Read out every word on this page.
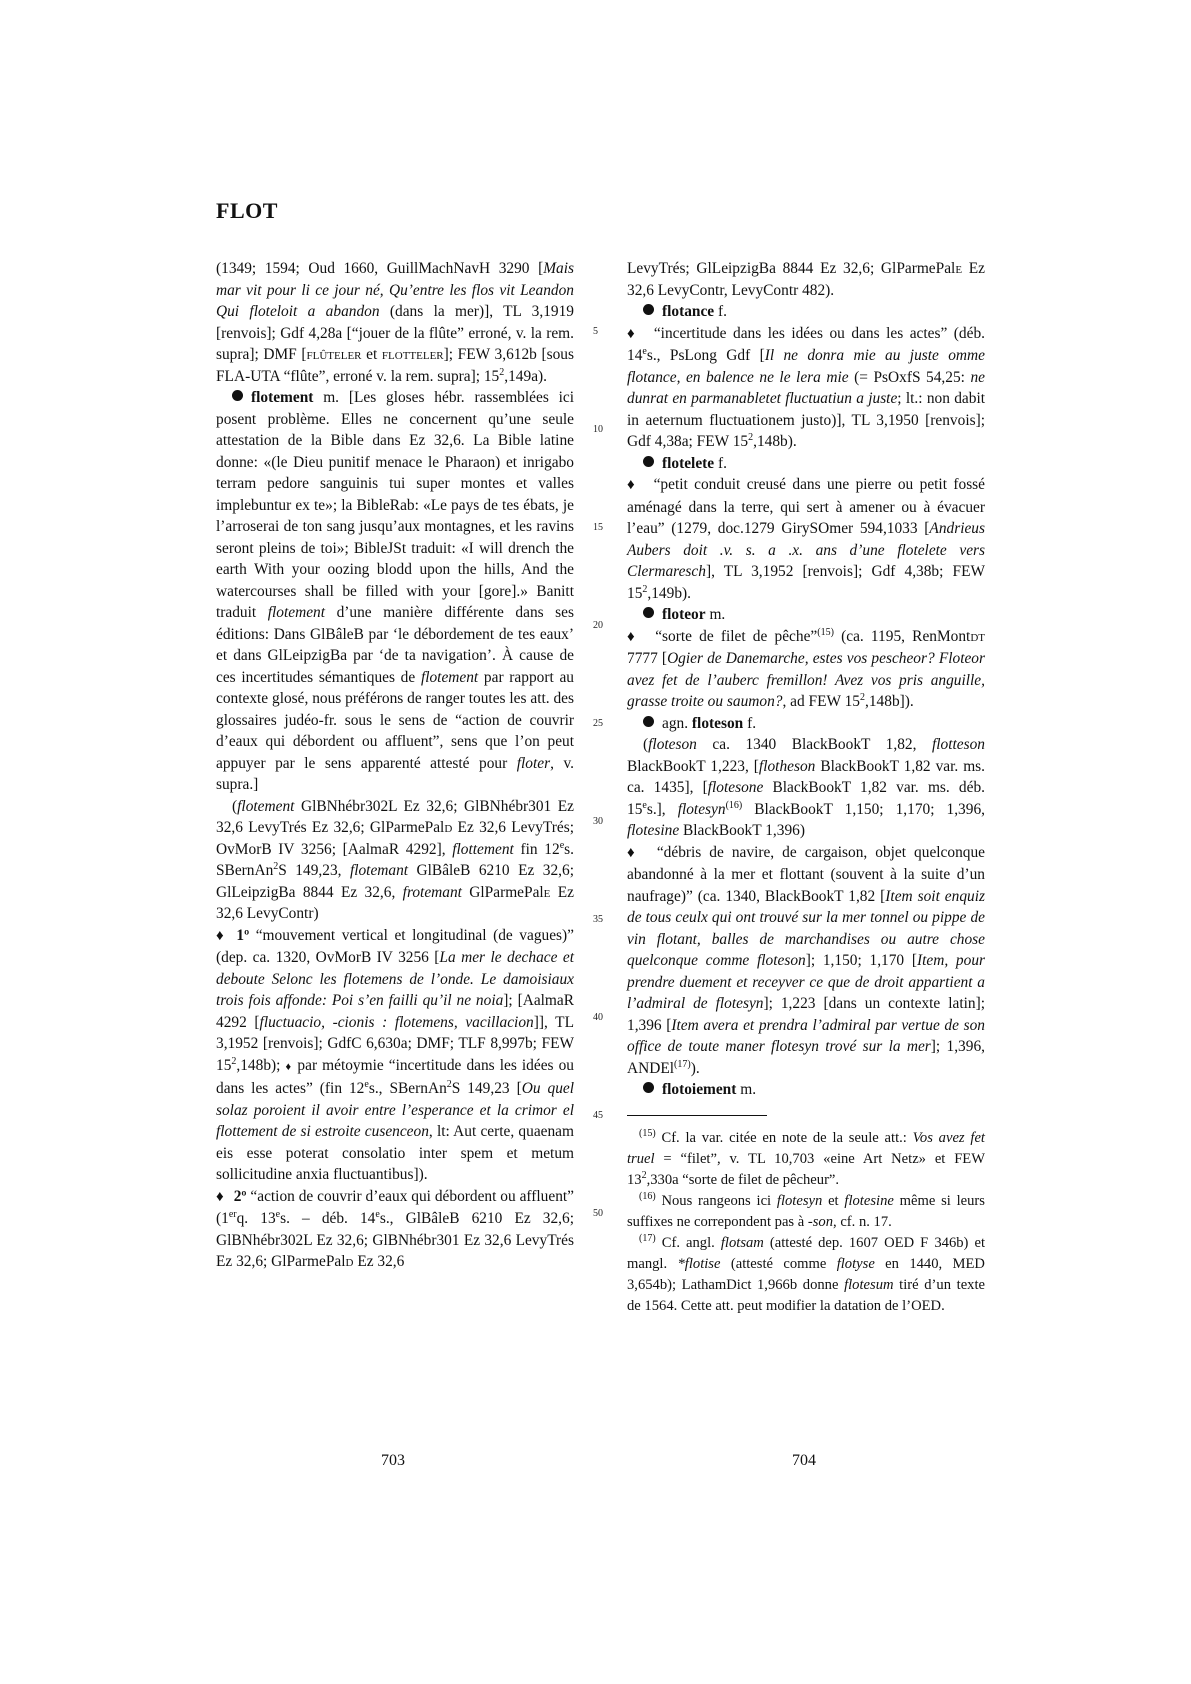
FLOT
5
10
15
20
25
30
35
40
45
50

(1349; 1594; Oud 1660, GuillMachNavH 3290 [Mais mar vit pour li ce jour né, Qu’entre les flos vit Leandon Qui floteloit a abandon (dans la mer)], TL 3,1919 [renvois]; Gdf 4,28a [“jouer de la flûte” erroné, v. la rem. supra]; DMF [flûteler et flotteler]; FEW 3,612b [sous FLA-UTA “flûte”, erroné v. la rem. supra]; $15^2,149a$).

flotement m. [Les gloses hébr. rassemblées ici posent problème. Elles ne concernent qu’une seule attestation de la Bible dans Ez 32,6. La Bible latine donne: «(le Dieu punitif menace le Pharaon) et inrigabo terram pedore sanguinis tui super montes et valles implebuntur ex te»; la BibleRab: «Le pays de tes ébats, je l’arroserai de ton sang jusqu’aux montagnes, et les ravins seront pleins de toi»; BibleJSt traduit: «I will drench the earth With your oozing blodd upon the hills, And the watercourses shall be filled with your [gore].» Banitt traduit flotement d’une manière différente dans ses éditions: Dans GlBâleB par ‘le débordement de tes eaux’ et dans GlLeipzigBa par ‘de ta navigation’. À cause de ces incertitudes sémantiques de flotement par rapport au contexte glosé, nous préférons de ranger toutes les att. des glossaires judéo-fr. sous le sens de “action de couvrir d’eaux qui débordent ou affluent”, sens que l’on peut appuyer par le sens apparenté attesté pour floter, v. supra.]

(flotement GlBNhébr302L Ez 32,6; GlBNhébr301 Ez 32,6 LevyTrés Ez 32,6; GlParmePald Ez 32,6 LevyTrés; OvMorB IV 3256; [AalmaR 4292], flottement fin 12es. SBernAn$^2$S 149,23, flotemant GlBâleB 6210 Ez 32,6; GlLeipzigBa 8844 Ez 32,6, frotemant GlParmePale Ez 32,6 LevyContr)

♦ 1º “mouvement vertical et longitudinal (de vagues)” (dep. ca. 1320, OvMorB IV 3256 [La mer le dechace et deboute Selonc les flotemens de l’onde. Le damoisiaux trois fois affonde: Poi s’en failli qu’il ne noia]; [AalmaR 4292 [fluctuacio, -cionis : flotemens, vacillacion]], TL 3,1952 [renvois]; GdfC 6,630a; DMF; TLF 8,997b; FEW $15^2,148b$); ♦ par métoymie “incertitude dans les idées ou dans les actes” (fin 12es., SBernAn$^2$S 149,23 [Ou quel solaz poroient il avoir entre l’esperance et la crimor el flottement de si estroite cusenceon, lt: Aut certe, quaenam eis esse poterat consolatio inter spem et metum sollicitudine anxia fluctuantibus]).

♦ 2º “action de couvrir d’eaux qui débordent ou affluent” (1erq. 13es. – déb. 14es., GlBâleB 6210 Ez 32,6; GlBNhébr302L Ez 32,6; GlBNhébr301 Ez 32,6 LevyTrés Ez 32,6; GlParmePald Ez 32,6

LevyTrés; GlLeipzigBa 8844 Ez 32,6; GlParmePale Ez 32,6 LevyContr, LevyContr 482).

flotance f.

♦ “incertitude dans les idées ou dans les actes” (déb. 14es., PsLong Gdf [Il ne donra mie au juste omme flotance, en balence ne le lera mie (= PsOxfS 54,25: ne dunrat en parmanabletet fluctuatiun a juste; lt.: non dabit in aeternum fluctuationem justo)], TL 3,1950 [renvois]; Gdf 4,38a; FEW $15^2,148b$).

flotelete f.

♦ “petit conduit creusé dans une pierre ou petit fossé aménagé dans la terre, qui sert à amener ou à évacuer l’eau” (1279, doc.1279 GirySOmer 594,1033 [Andrieus Aubers doit .v. s. a .x. ans d’une flotelete vers Clermaresch], TL 3,1952 [renvois]; Gdf 4,38b; FEW $15^2,149b$).

floteor m.

♦ “sorte de filet de pêche”$^{(15)}$ (ca. 1195, RenMontdt 7777 [Ogier de Danemarche, estes vos pescheor? Floteor avez fet de l’auberc fremillon! Avez vos pris anguille, grasse troite ou saumon?, ad FEW $15^2,148b$]).

agn. floteson f.

(floteson ca. 1340 BlackBookT 1,82, flotteson BlackBookT 1,223, [flotheson BlackBookT 1,82 var. ms. ca. 1435], [flotesone BlackBookT 1,82 var. ms. déb. 15es.], flotesyn$^{(16)}$ BlackBookT 1,150; 1,170; 1,396, flotesine BlackBookT 1,396)

♦ “débris de navire, de cargaison, objet quelconque abandonné à la mer et flottant (souvent à la suite d’un naufrage)” (ca. 1340, BlackBookT 1,82 [Item soit enquiz de tous ceulx qui ont trouvé sur la mer tonnel ou pippe de vin flotant, balles de marchandises ou autre chose quelconque comme floteson]; 1,150; 1,170 [Item, pour prendre duement et receyver ce que de droit appartient a l’admiral de flotesyn]; 1,223 [dans un contexte latin]; 1,396 [Item avera et prendra l’admiral par vertue de son office de toute maner flotesyn trové sur la mer]; 1,396, ANDEl$^{(17)}$).

flotoiement m.

$^{(15)}$ Cf. la var. citée en note de la seule att.: Vos avez fet truel = “filet”, v. TL 10,703 «eine Art Netz» et FEW $13^2,330a$ “sorte de filet de pêcheur”.

$^{(16)}$ Nous rangeons ici flotesyn et flotesine même si leurs suffixes ne correpondent pas à -son, cf. n. 17.

$^{(17)}$ Cf. angl. flotsam (attesté dep. 1607 OED F 346b) et mangl. *flotise (attesté comme flotyse en 1440, MED 3,654b); LathamDict 1,966b donne flotesum tiré d’un texte de 1564. Cette att. peut modifier la datation de l’OED.

703	704
